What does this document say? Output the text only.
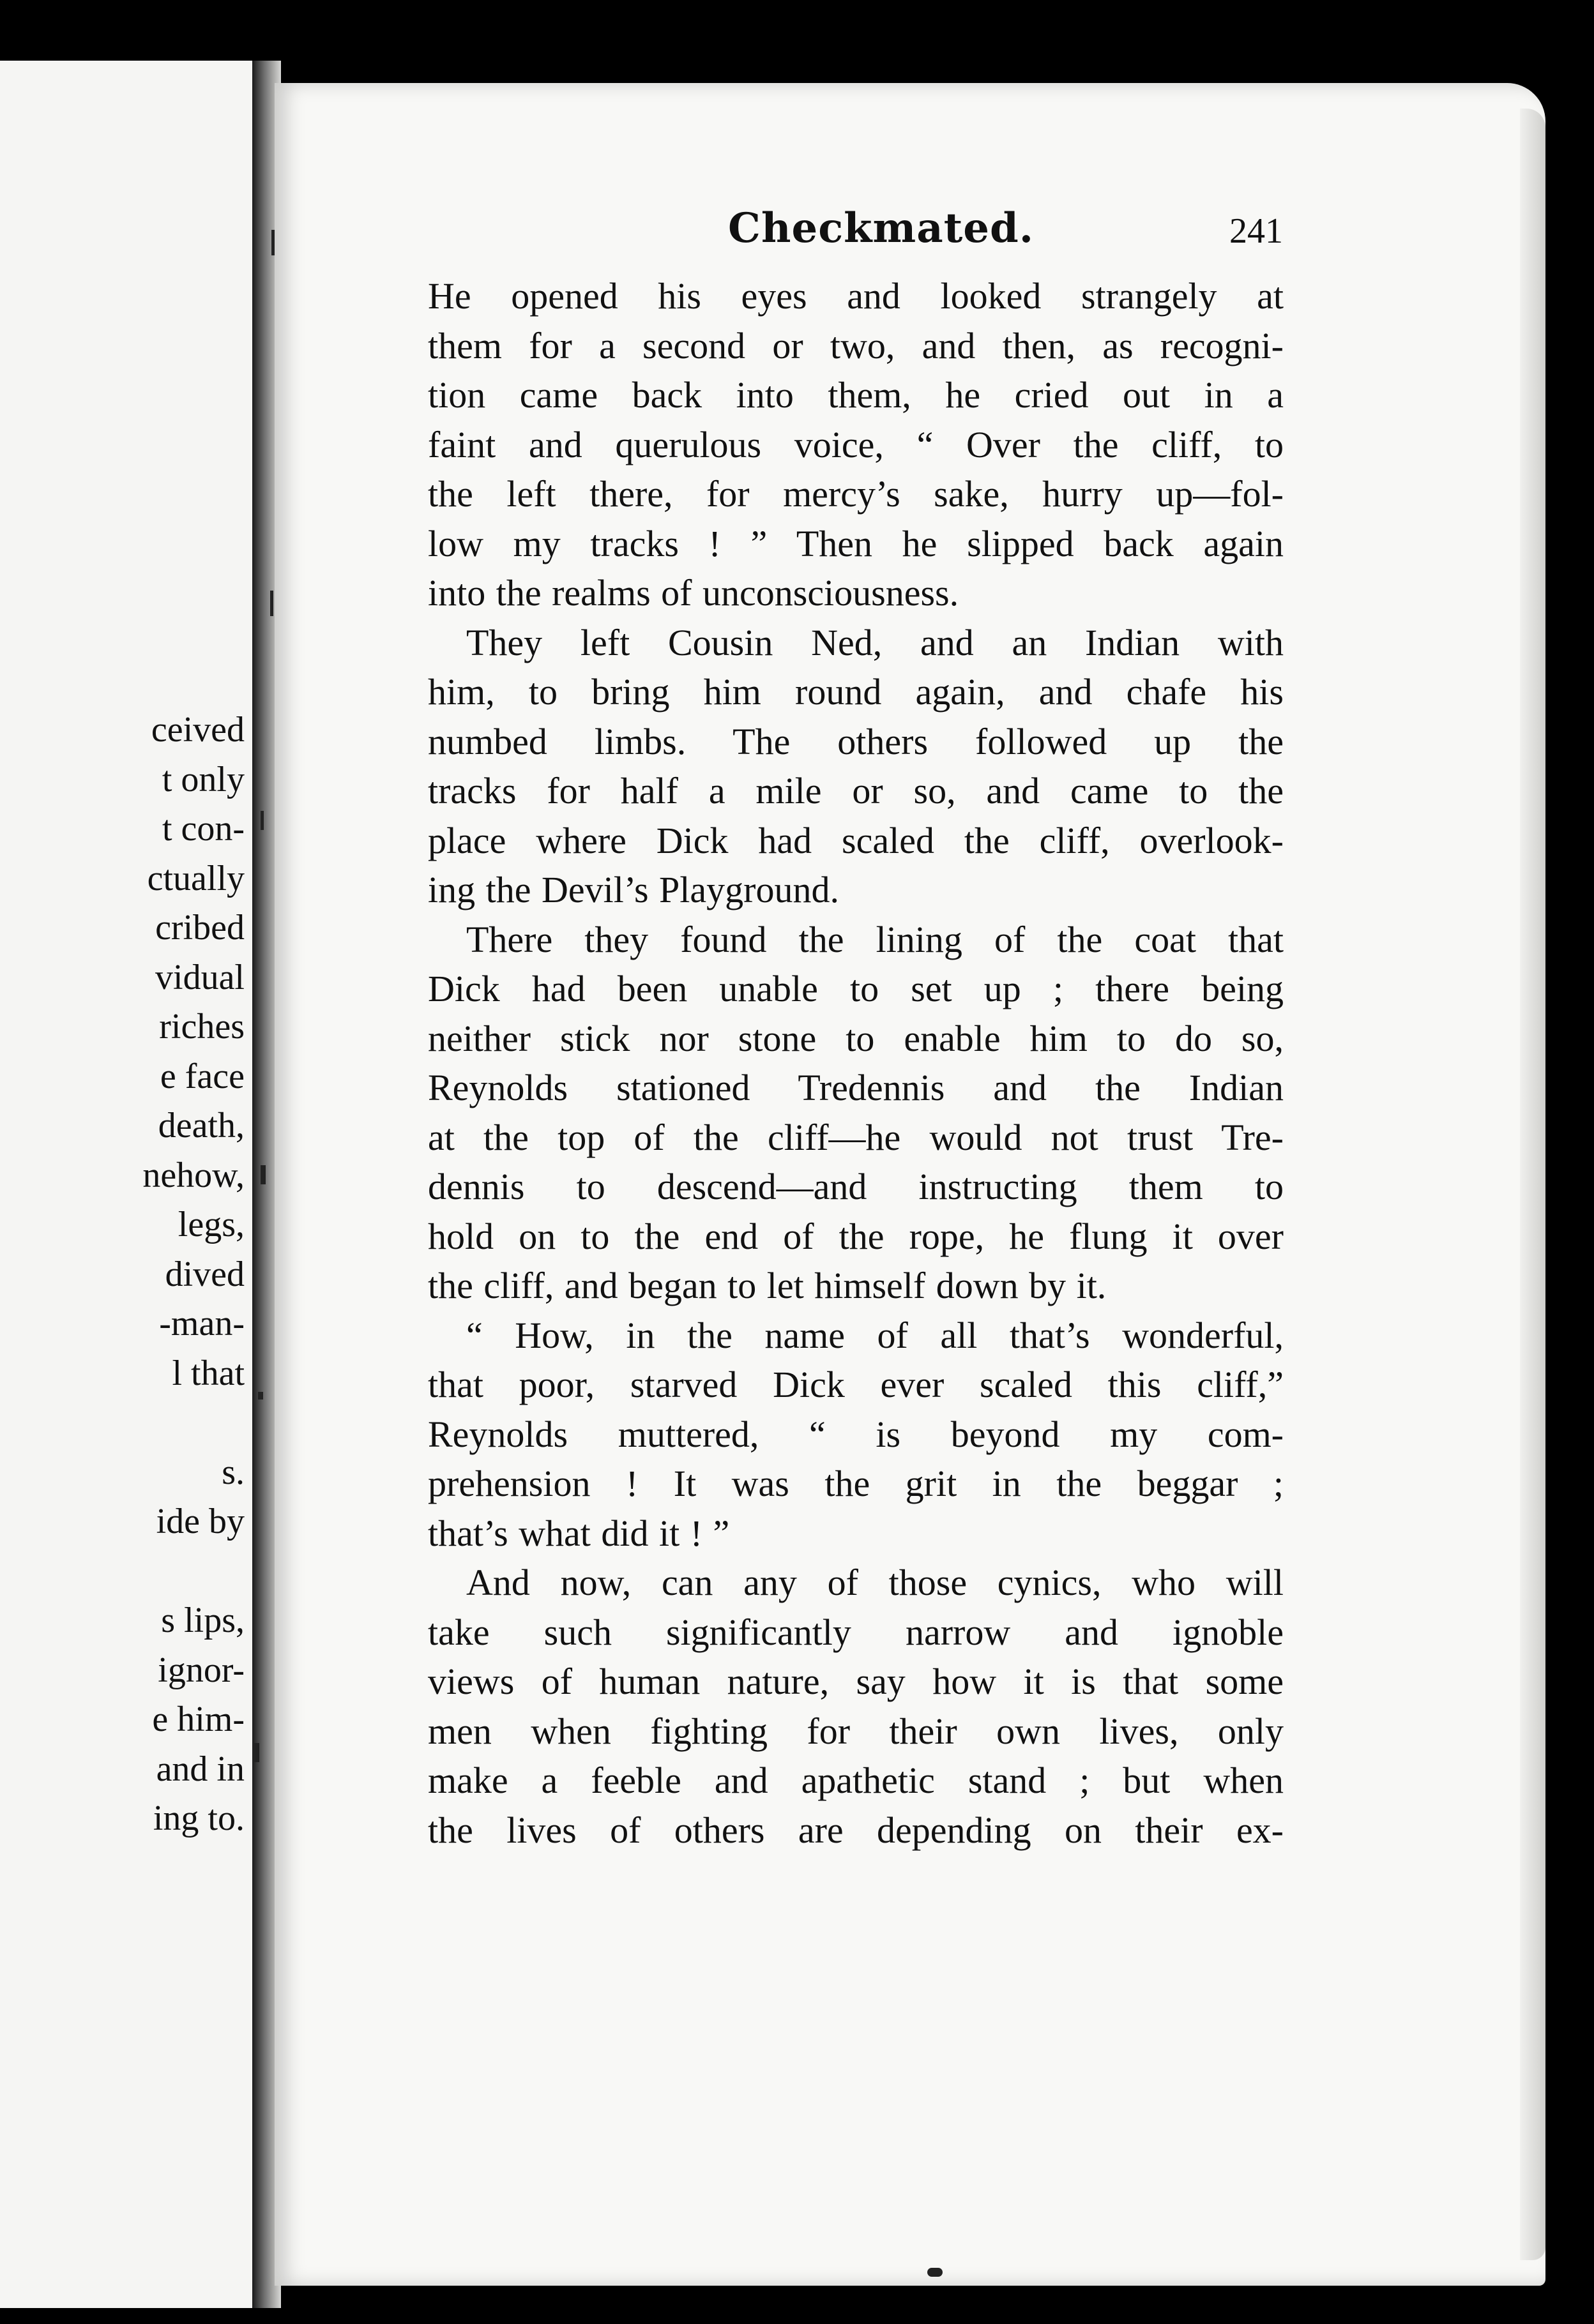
ceived
t only
t con-
ctually
cribed
vidual
riches
e face
death,
nehow,
legs,
dived
-man-
l that
s.
ide by
s lips,
ignor-
e him-
and in
ing to.
Checkmated.	241
He opened his eyes and looked strangely at
them for a second or two, and then, as recogni-
tion came back into them, he cried out in a
faint and querulous voice, “ Over the cliff, to
the left there, for mercy’s sake, hurry up—fol-
low my tracks ! ” Then he slipped back again
into the realms of unconsciousness.
They left Cousin Ned, and an Indian with
him, to bring him round again, and chafe his
numbed limbs. The others followed up the
tracks for half a mile or so, and came to the
place where Dick had scaled the cliff, overlook-
ing the Devil’s Playground.
There they found the lining of the coat that
Dick had been unable to set up ; there being
neither stick nor stone to enable him to do so,
Reynolds stationed Tredennis and the Indian
at the top of the cliff—he would not trust Tre-
dennis to descend—and instructing them to
hold on to the end of the rope, he flung it over
the cliff, and began to let himself down by it.
“ How, in the name of all that’s wonderful,
that poor, starved Dick ever scaled this cliff,”
Reynolds muttered, “ is beyond my com-
prehension ! It was the grit in the beggar ;
that’s what did it ! ”
And now, can any of those cynics, who will
take such significantly narrow and ignoble
views of human nature, say how it is that some
men when fighting for their own lives, only
make a feeble and apathetic stand ; but when
the lives of others are depending on their ex-
